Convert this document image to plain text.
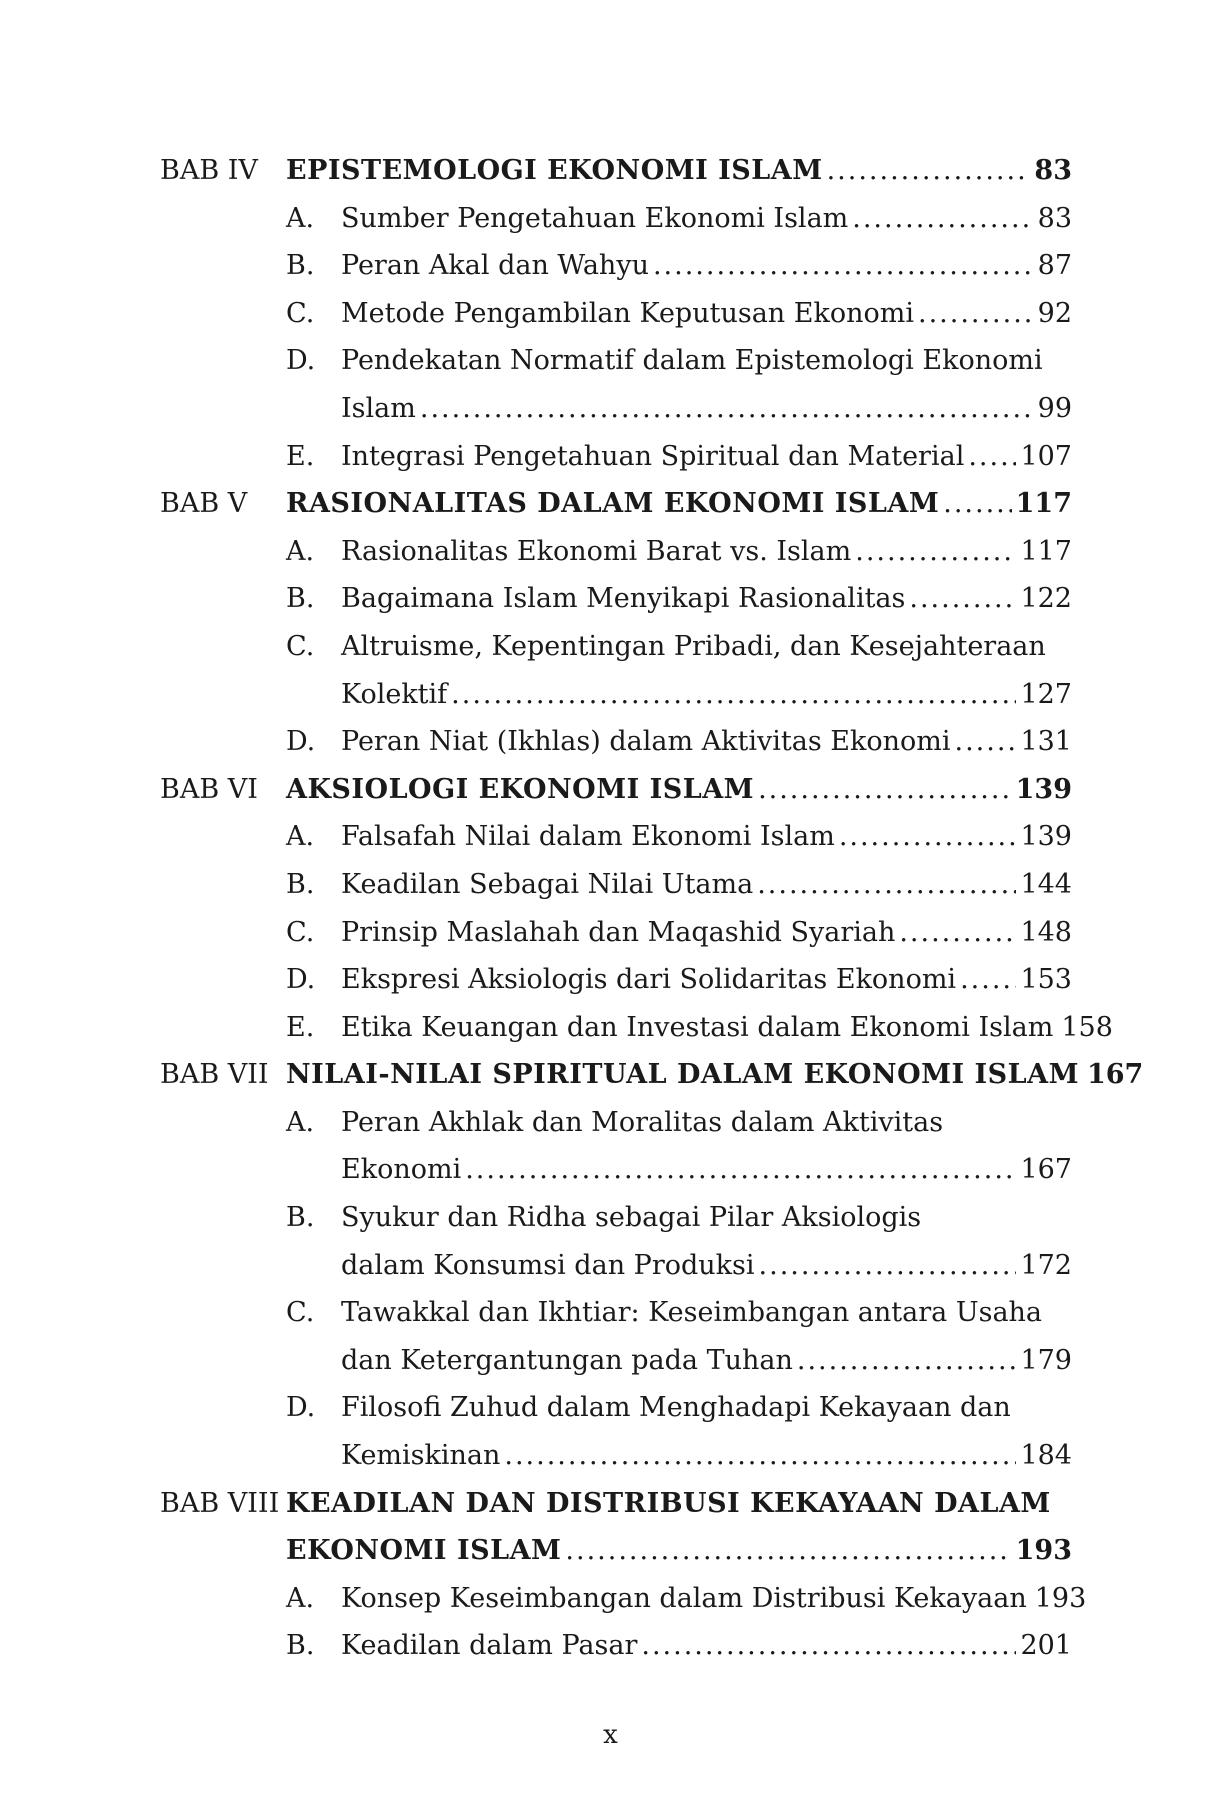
BAB IV	EPISTEMOLOGI EKONOMI ISLAM .....	83
A. Sumber Pengetahuan Ekonomi Islam .....	83
B. Peran Akal dan Wahyu .....	87
C. Metode Pengambilan Keputusan Ekonomi .....	92
D. Pendekatan Normatif dalam Epistemologi Ekonomi
Islam .....	99
E. Integrasi Pengetahuan Spiritual dan Material ..... 107
BAB V	RASIONALITAS DALAM EKONOMI ISLAM .....	117
A. Rasionalitas Ekonomi Barat vs. Islam .....	117
B. Bagaimana Islam Menyikapi Rasionalitas .....	122
C. Altruisme, Kepentingan Pribadi, dan Kesejahteraan
Kolektif .....	127
D. Peran Niat (Ikhlas) dalam Aktivitas Ekonomi .....	131
BAB VI	AKSIOLOGI EKONOMI ISLAM .....	139
A. Falsafah Nilai dalam Ekonomi Islam .....	139
B. Keadilan Sebagai Nilai Utama .....	144
C. Prinsip Maslahah dan Maqashid Syariah .....	148
D. Ekspresi Aksiologis dari Solidaritas Ekonomi ..... 153
E. Etika Keuangan dan Investasi dalam Ekonomi Islam 158
BAB VII NILAI-NILAI SPIRITUAL DALAM EKONOMI ISLAM 167
A. Peran Akhlak dan Moralitas dalam Aktivitas
Ekonomi .....	167
B. Syukur dan Ridha sebagai Pilar Aksiologis
dalam Konsumsi dan Produksi .....	172
C. Tawakkal dan Ikhtiar: Keseimbangan antara Usaha
dan Ketergantungan pada Tuhan .....	179
D. Filosofi Zuhud dalam Menghadapi Kekayaan dan
Kemiskinan .....	184
BAB VIII KEADILAN DAN DISTRIBUSI KEKAYAAN DALAM
EKONOMI ISLAM .....	193
A. Konsep Keseimbangan dalam Distribusi Kekayaan 193
B. Keadilan dalam Pasar .....	201
x
